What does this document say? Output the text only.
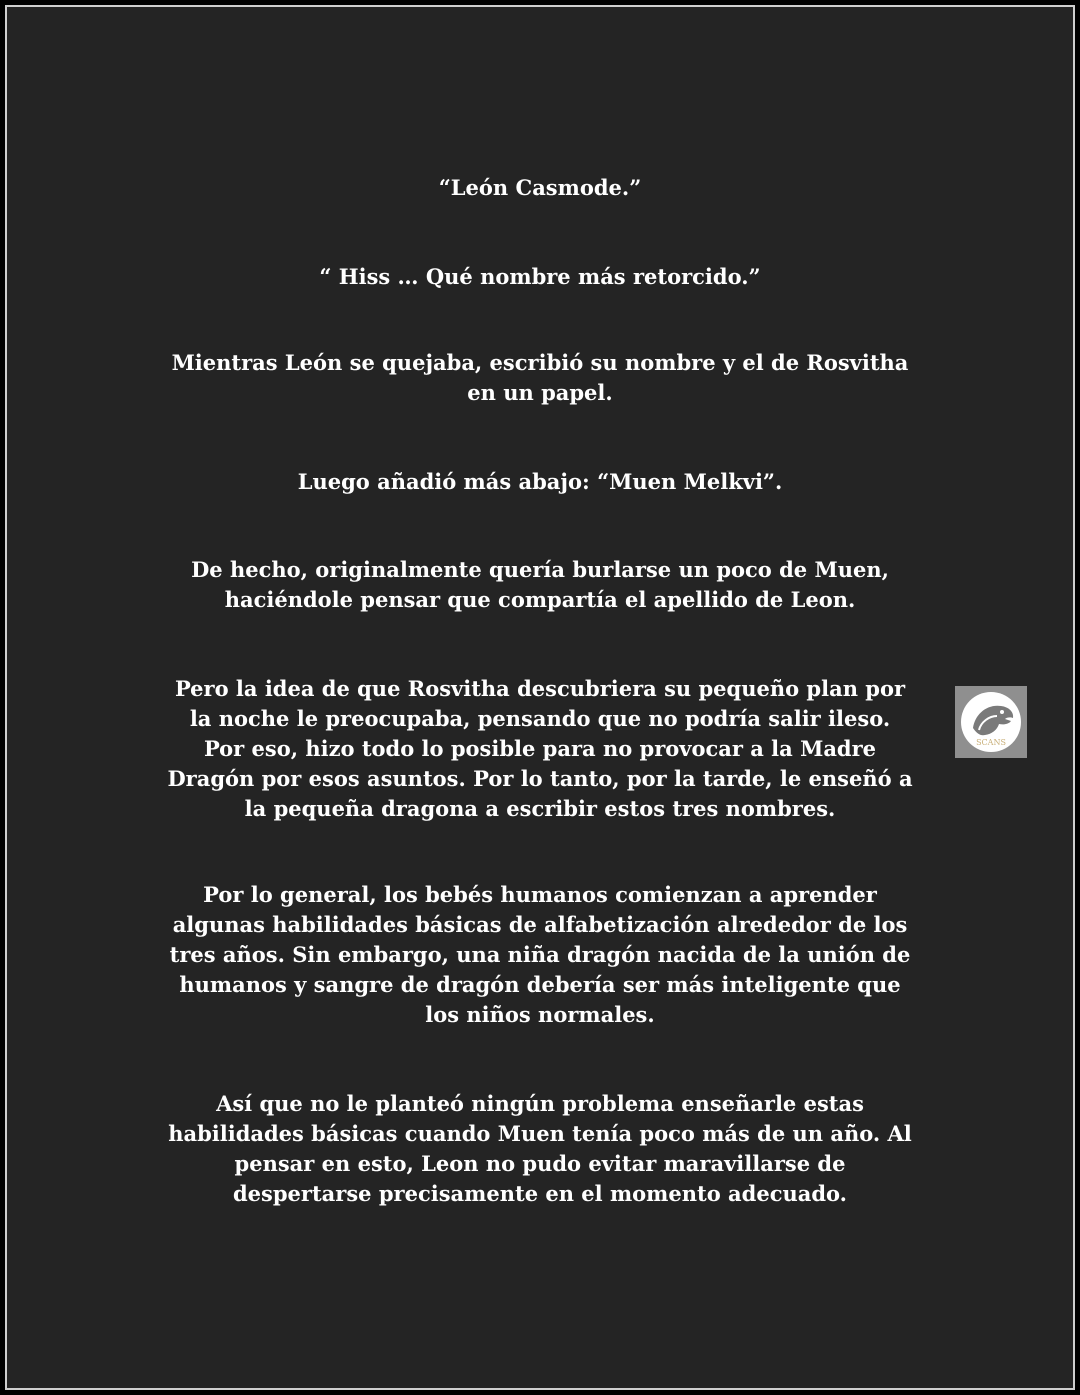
“León Casmode.”
“ Hiss … Qué nombre más retorcido.”
Mientras León se quejaba, escribió su nombre y el de Rosvitha
en un papel.
Luego añadió más abajo: “Muen Melkvi”.
De hecho, originalmente quería burlarse un poco de Muen,
haciéndole pensar que compartía el apellido de Leon.
Pero la idea de que Rosvitha descubriera su pequeño plan por
la noche le preocupaba, pensando que no podría salir ileso.
Por eso, hizo todo lo posible para no provocar a la Madre
Dragón por esos asuntos. Por lo tanto, por la tarde, le enseñó a
la pequeña dragona a escribir estos tres nombres.
Por lo general, los bebés humanos comienzan a aprender
algunas habilidades básicas de alfabetización alrededor de los
tres años. Sin embargo, una niña dragón nacida de la unión de
humanos y sangre de dragón debería ser más inteligente que
los niños normales.
Así que no le planteó ningún problema enseñarle estas
habilidades básicas cuando Muen tenía poco más de un año. Al
pensar en esto, Leon no pudo evitar maravillarse de
despertarse precisamente en el momento adecuado.
SCANS
